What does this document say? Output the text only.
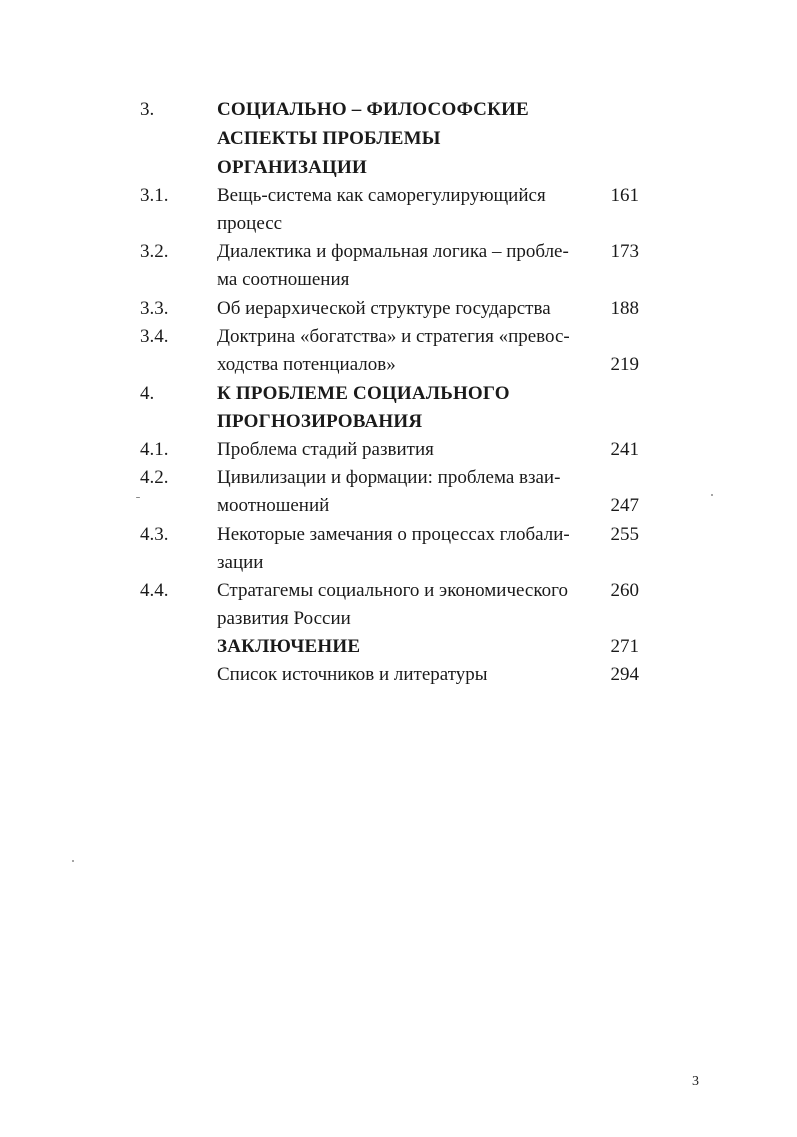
3.	СОЦИАЛЬНО – ФИЛОСОФСКИЕ
АСПЕКТЫ ПРОБЛЕМЫ
ОРГАНИЗАЦИИ
3.1.	Вещь-система как саморегулирующийся	161
процесс
3.2.	Диалектика и формальная логика – пробле- 173
ма соотношения
3.3.	Об иерархической структуре государства	188
3.4.	Доктрина «богатства» и стратегия «превос-
ходства потенциалов»	219
4.	К ПРОБЛЕМЕ СОЦИАЛЬНОГО
ПРОГНОЗИРОВАНИЯ
4.1.	Проблема стадий развития	241
4.2.	Цивилизации и формации: проблема взаи-
моотношений	247
4.3.	Некоторые замечания о процессах глобали- 255
зации
4.4.	Стратагемы социального и экономического 260
развития России
ЗАКЛЮЧЕНИЕ	271
Список источников и литературы	294
3
